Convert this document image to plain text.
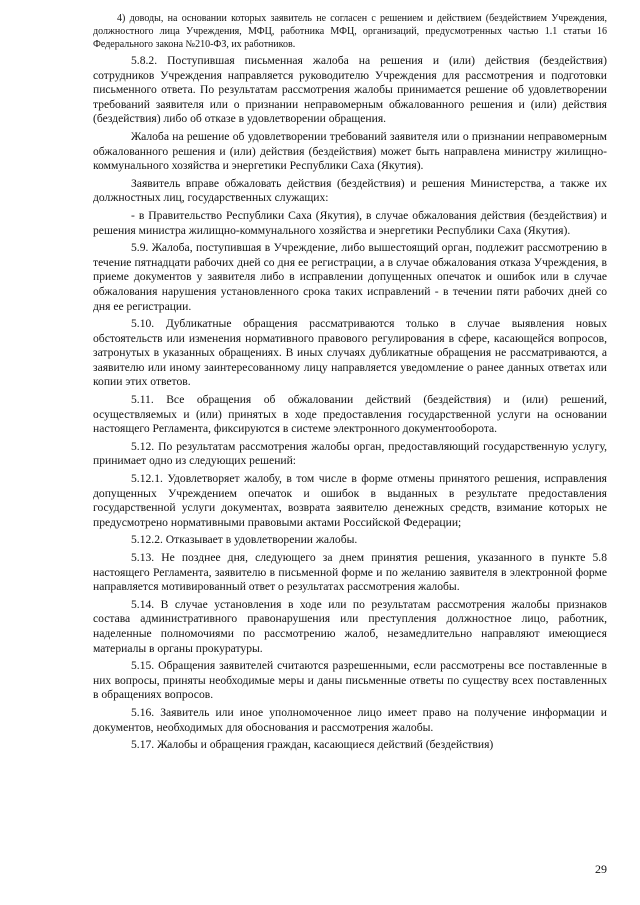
4) доводы, на основании которых заявитель не согласен с решением и действием (бездействием Учреждения, должностного лица Учреждения, МФЦ, работника МФЦ, организаций, предусмотренных частью 1.1 статьи 16 Федерального закона №210-ФЗ, их работников.

5.8.2. Поступившая письменная жалоба на решения и (или) действия (бездействия) сотрудников Учреждения направляется руководителю Учреждения для рассмотрения и подготовки письменного ответа. По результатам рассмотрения жалобы принимается решение об удовлетворении требований заявителя или о признании неправомерным обжалованного решения и (или) действия (бездействия) либо об отказе в удовлетворении обращения.

Жалоба на решение об удовлетворении требований заявителя или о признании неправомерным обжалованного решения и (или) действия (бездействия) может быть направлена министру жилищно-коммунального хозяйства и энергетики Республики Саха (Якутия).

Заявитель вправе обжаловать действия (бездействия) и решения Министерства, а также их должностных лиц, государственных служащих:

- в Правительство Республики Саха (Якутия), в случае обжалования действия (бездействия) и решения министра жилищно-коммунального хозяйства и энергетики Республики Саха (Якутия).

5.9. Жалоба, поступившая в Учреждение, либо вышестоящий орган, подлежит рассмотрению в течение пятнадцати рабочих дней со дня ее регистрации, а в случае обжалования отказа Учреждения, в приеме документов у заявителя либо в исправлении допущенных опечаток и ошибок или в случае обжалования нарушения установленного срока таких исправлений - в течении пяти рабочих дней со дня ее регистрации.

5.10. Дубликатные обращения рассматриваются только в случае выявления новых обстоятельств или изменения нормативного правового регулирования в сфере, касающейся вопросов, затронутых в указанных обращениях. В иных случаях дубликатные обращения не рассматриваются, а заявителю или иному заинтересованному лицу направляется уведомление о ранее данных ответах или копии этих ответов.

5.11. Все обращения об обжаловании действий (бездействия) и (или) решений, осуществляемых и (или) принятых в ходе предоставления государственной услуги на основании настоящего Регламента, фиксируются в системе электронного документооборота.

5.12. По результатам рассмотрения жалобы орган, предоставляющий государственную услугу, принимает одно из следующих решений:

5.12.1. Удовлетворяет жалобу, в том числе в форме отмены принятого решения, исправления допущенных Учреждением опечаток и ошибок в выданных в результате предоставления государственной услуги документах, возврата заявителю денежных средств, взимание которых не предусмотрено нормативными правовыми актами Российской Федерации;

5.12.2. Отказывает в удовлетворении жалобы.

5.13. Не позднее дня, следующего за днем принятия решения, указанного в пункте 5.8 настоящего Регламента, заявителю в письменной форме и по желанию заявителя в электронной форме направляется мотивированный ответ о результатах рассмотрения жалобы.

5.14. В случае установления в ходе или по результатам рассмотрения жалобы признаков состава административного правонарушения или преступления должностное лицо, работник, наделенные полномочиями по рассмотрению жалоб, незамедлительно направляют имеющиеся материалы в органы прокуратуры.

5.15. Обращения заявителей считаются разрешенными, если рассмотрены все поставленные в них вопросы, приняты необходимые меры и даны письменные ответы по существу всех поставленных в обращениях вопросов.

5.16. Заявитель или иное уполномоченное лицо имеет право на получение информации и документов, необходимых для обоснования и рассмотрения жалобы.

5.17. Жалобы и обращения граждан, касающиеся действий (бездействия)

29
